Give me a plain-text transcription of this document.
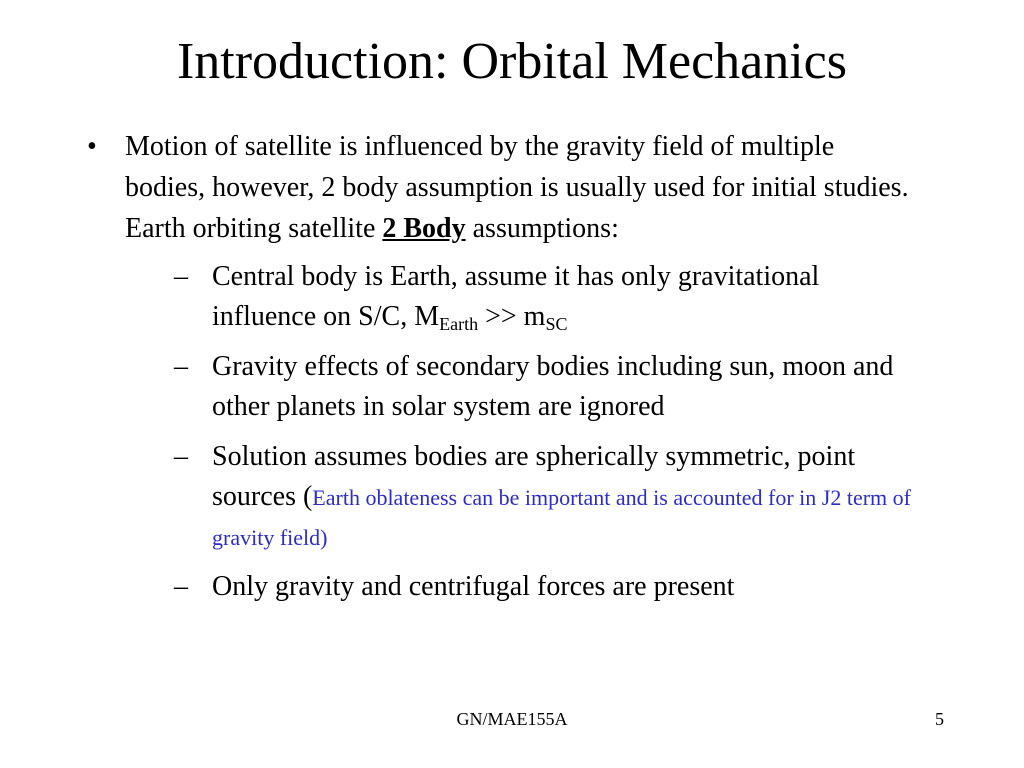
Introduction: Orbital Mechanics
• Motion of satellite is influenced by the gravity field of multiple bodies, however, 2 body assumption is usually used for initial studies. Earth orbiting satellite 2 Body assumptions:
– Central body is Earth, assume it has only gravitational influence on S/C, MEarth >> mSC
– Gravity effects of secondary bodies including sun, moon and other planets in solar system are ignored
– Solution assumes bodies are spherically symmetric, point sources (Earth oblateness can be important and is accounted for in J2 term of gravity field)
– Only gravity and centrifugal forces are present
GN/MAE155A	5
